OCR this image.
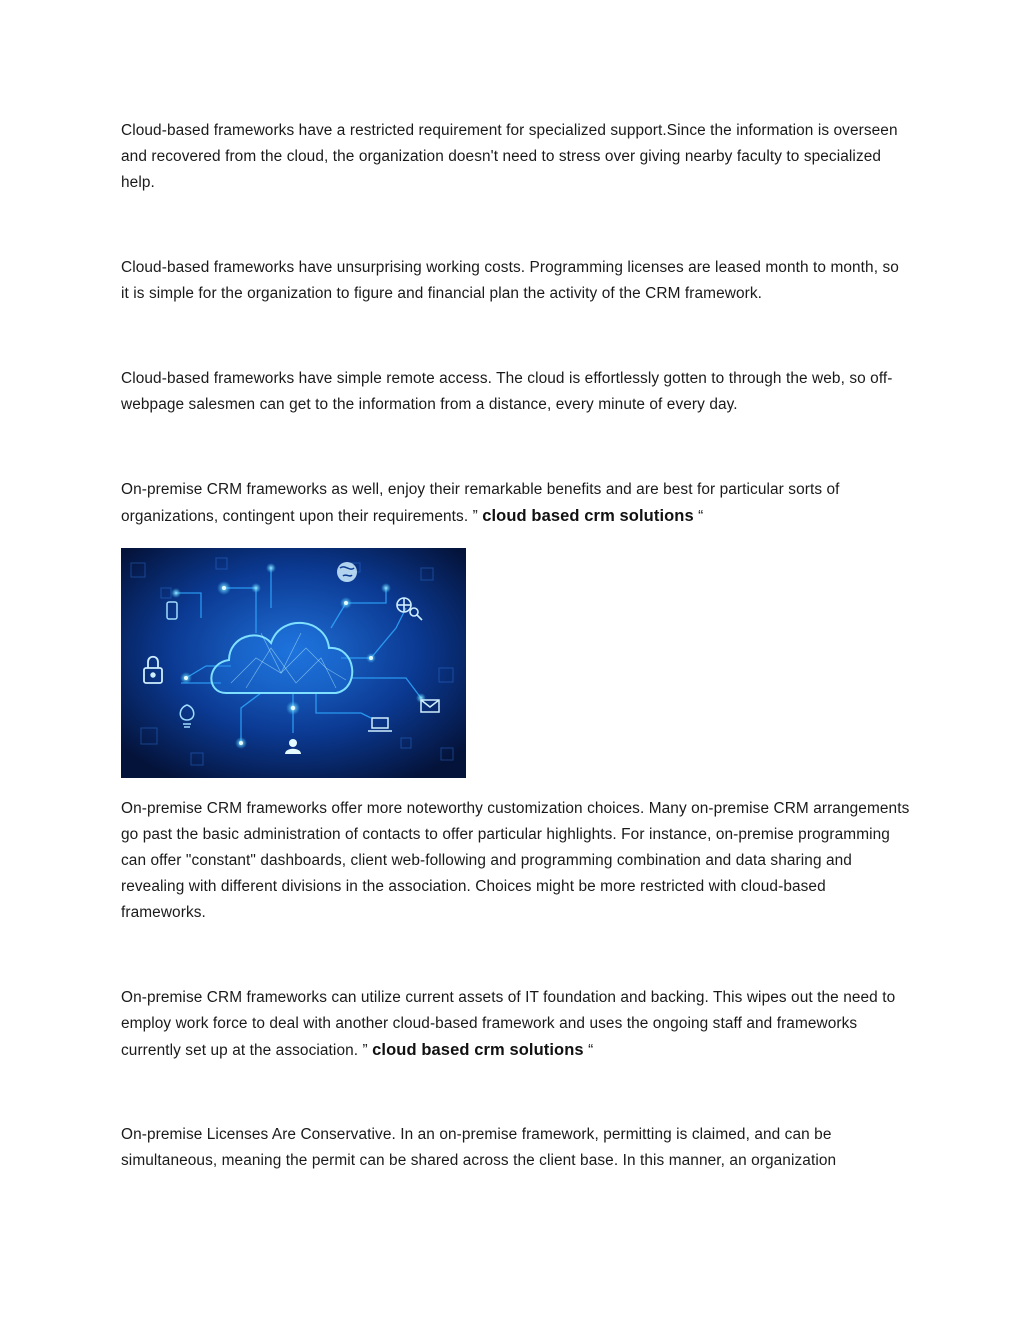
Cloud-based frameworks have a restricted requirement for specialized support.Since the information is overseen and recovered from the cloud, the organization doesn't need to stress over giving nearby faculty to specialized help.

Cloud-based frameworks have unsurprising working costs. Programming licenses are leased month to month, so it is simple for the organization to figure and financial plan the activity of the CRM framework.

Cloud-based frameworks have simple remote access. The cloud is effortlessly gotten to through the web, so off-webpage salesmen can get to the information from a distance, every minute of every day.

On-premise CRM frameworks as well, enjoy their remarkable benefits and are best for particular sorts of organizations, contingent upon their requirements. ” cloud based crm solutions “

On-premise CRM frameworks offer more noteworthy customization choices. Many on-premise CRM arrangements go past the basic administration of contacts to offer particular highlights. For instance, on-premise programming can offer "constant" dashboards, client web-following and programming combination and data sharing and revealing with different divisions in the association. Choices might be more restricted with cloud-based frameworks.

On-premise CRM frameworks can utilize current assets of IT foundation and backing. This wipes out the need to employ work force to deal with another cloud-based framework and uses the ongoing staff and frameworks currently set up at the association. ” cloud based crm solutions “

On-premise Licenses Are Conservative. In an on-premise framework, permitting is claimed, and can be simultaneous, meaning the permit can be shared across the client base. In this manner, an organization
